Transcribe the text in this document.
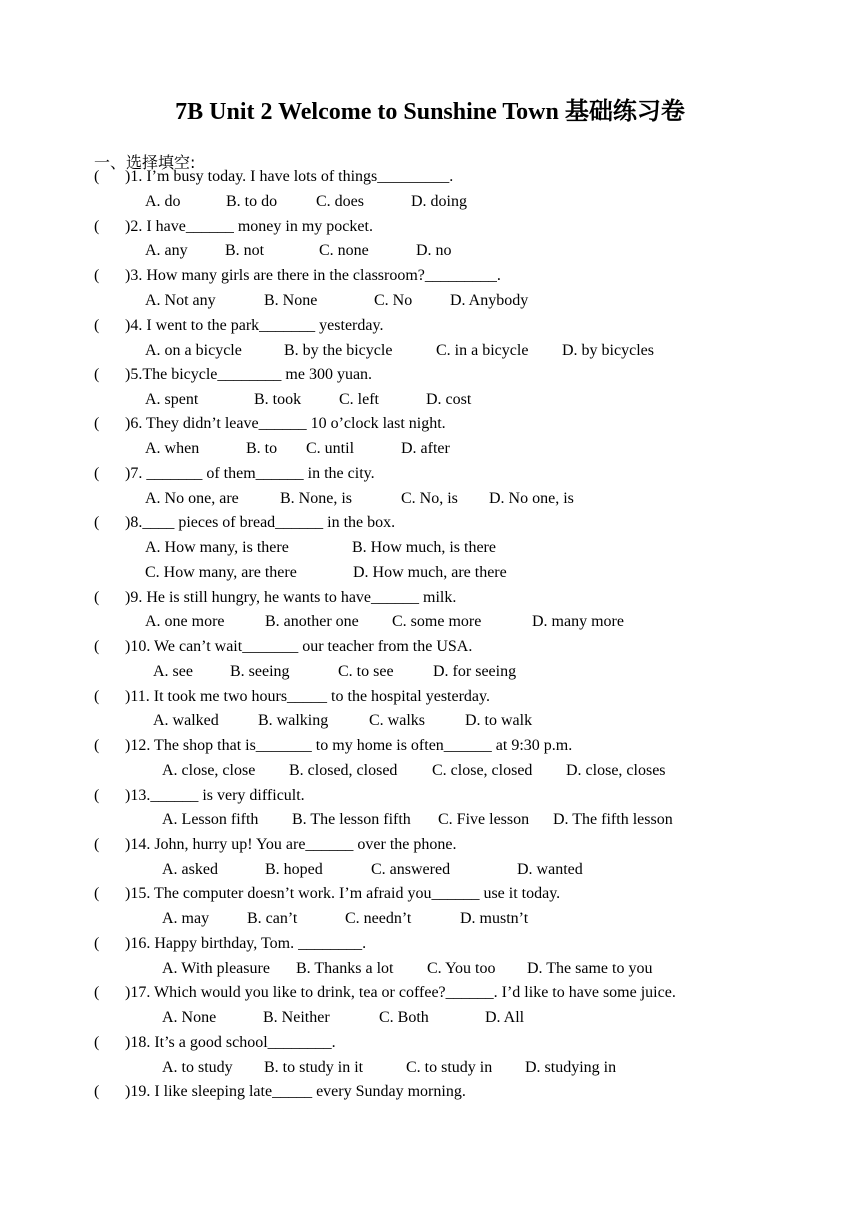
7B Unit 2 Welcome to Sunshine Town 基础练习卷
一、选择填空:
( )1. I’m busy today. I have lots of things_________.
A. do	B. to do C. does	D. doing
( )2. I have______ money in my pocket.
A. any B. not	C. none	D. no
( )3. How many girls are there in the classroom?_________.
A. Not any	B. None	C. No D. Anybody
( )4. I went to the park_______ yesterday.
A. on a bicycle	B. by the bicycle	C. in a bicycle D. by bicycles
( )5.The bicycle________ me 300 yuan.
A. spent	B. took C. left	D. cost
( )6. They didn’t leave______ 10 o’clock last night.
A. when	B. to C. until	D. after
( )7. _______ of them______ in the city.
A. No one, are	B. None, is	C. No, is D. No one, is
( )8.____ pieces of bread______ in the box.
A. How many, is there	B. How much, is there
C. How many, are there	D. How much, are there
( )9. He is still hungry, he wants to have______ milk.
A. one more	B. another one C. some more	D. many more
( )10. We can’t wait_______ our teacher from the USA.
A. see B. seeing	C. to see D. for seeing
( )11. It took me two hours_____ to the hospital yesterday.
A. walked B. walking	C. walks	D. to walk
( )12. The shop that is_______ to my home is often______ at 9:30 p.m.
A. close, close B. closed, closed C. close, closed D. close, closes
( )13.______ is very difficult.
A. Lesson fifth B. The lesson fifth C. Five lesson D. The fifth lesson
( )14. John, hurry up! You are______ over the phone.
A. asked	B. hoped	C. answered	D. wanted
( )15. The computer doesn’t work. I’m afraid you______ use it today.
A. may B. can’t	C. needn’t	D. mustn’t
( )16. Happy birthday, Tom. ________.
A. With pleasure B. Thanks a lot C. You too D. The same to you
( )17. Which would you like to drink, tea or coffee?______. I’d like to have some juice.
A. None	B. Neither	C. Both	D. All
( )18. It’s a good school________.
A. to study B. to study in it	C. to study in D. studying in
( )19. I like sleeping late_____ every Sunday morning.
